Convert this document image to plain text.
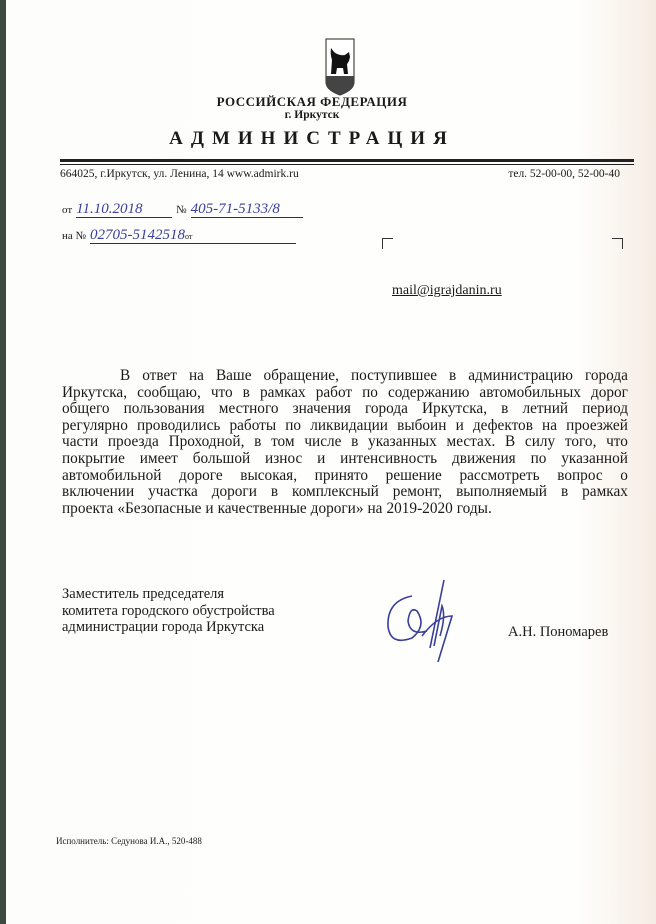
РОССИЙСКАЯ ФЕДЕРАЦИЯ
г. Иркутск
АДМИНИСТРАЦИЯ
664025, г.Иркутск, ул. Ленина, 14 www.admirk.ru	тел. 52-00-00, 52-00-40
от 11.10.2018	№ 405-71-5133/8
на № 02705-5142518от
mail@igrajdanin.ru
В ответ на Ваше обращение, поступившее в администрацию города
Иркутска, сообщаю, что в рамках работ по содержанию автомобильных дорог
общего пользования местного значения города Иркутска, в летний период
регулярно проводились работы по ликвидации выбоин и дефектов на проезжей
части проезда Проходной, в том числе в указанных местах. В силу того, что
покрытие имеет большой износ и интенсивность движения по указанной
автомобильной дороге высокая, принято решение рассмотреть вопрос о
включении участка дороги в комплексный ремонт, выполняемый в рамках
проекта «Безопасные и качественные дороги» на 2019-2020 годы.
Заместитель председателя
комитета городского обустройства
администрации города Иркутска	А.Н. Пономарев
Исполнитель: Седунова И.А., 520-488
